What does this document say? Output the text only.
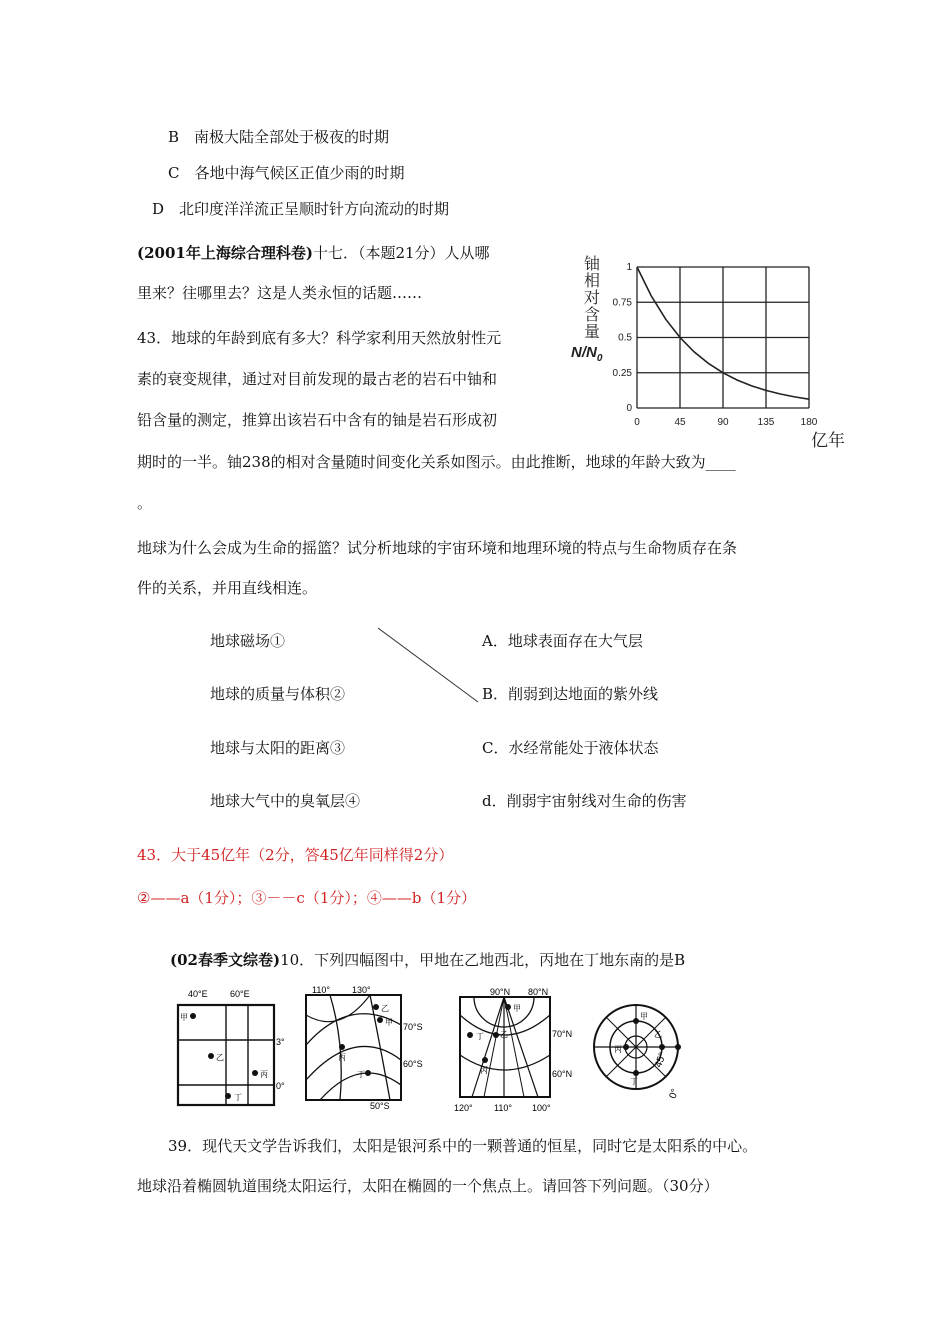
B　南极大陆全部处于极夜的时期
C　各地中海气候区正值少雨的时期
D　北印度洋洋流正呈顺时针方向流动的时期
(2001年上海综合理科卷)十七．（本题21分）人从哪
里来？往哪里去？这是人类永恒的话题……
43．地球的年龄到底有多大？科学家利用天然放射性元
素的衰变规律，通过对目前发现的最古老的岩石中铀和
铅含量的测定，推算出该岩石中含有的铀是岩石形成初
期时的一半。铀238的相对含量随时间变化关系如图示。由此推断，地球的年龄大致为____
。
地球为什么会成为生命的摇篮？试分析地球的宇宙环境和地理环境的特点与生命物质存在条
件的关系，并用直线相连。
铀
相
对
含
量
$N/N_0$
0	45	90	135	180
0
0.25
0.5
0.75
1
亿年
地球磁场①
地球的质量与体积②
地球与太阳的距离③
地球大气中的臭氧层④
A．地球表面存在大气层
B．削弱到达地面的紫外线
C．水经常能处于液体状态
d．削弱宇宙射线对生命的伤害
43．大于45亿年（2分，答45亿年同样得2分）
②——a（1分）；③－－c（1分）；④——b（1分）
(02春季文综卷)10．下列四幅图中，甲地在乙地西北，丙地在丁地东南的是B
40°E 60°E
3°
0°
甲
乙
丙
丁
110° 130°
70°S
60°S
50°S
乙
甲
丙
丁
90°N 80°N
70°N
60°N
120° 110° 100°
甲
丁 乙
丙
甲
乙
丙
丁
45°
0°
39．现代天文学告诉我们，太阳是银河系中的一颗普通的恒星，同时它是太阳系的中心。
地球沿着椭圆轨道围绕太阳运行，太阳在椭圆的一个焦点上。请回答下列问题。（30分）
